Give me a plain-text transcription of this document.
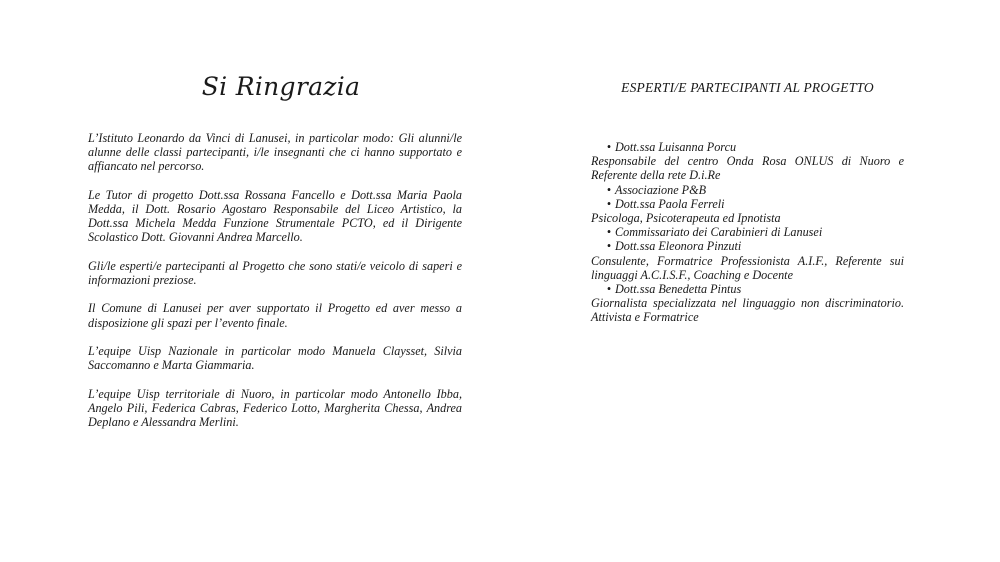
Si Ringrazia

L’Istituto Leonardo da Vinci di Lanusei, in particolar modo: Gli alunni/le alunne delle classi partecipanti, i/le insegnanti che ci hanno supportato e affiancato nel percorso.

Le Tutor di progetto Dott.ssa Rossana Fancello e Dott.ssa Maria Paola Medda, il Dott. Rosario Agostaro Responsabile del Liceo Artistico, la Dott.ssa Michela Medda Funzione Strumentale PCTO, ed il Dirigente Scolastico Dott. Giovanni Andrea Marcello.

Gli/le esperti/e partecipanti al Progetto che sono stati/e veicolo di saperi e informazioni preziose.

Il Comune di Lanusei per aver supportato il Progetto ed aver messo a disposizione gli spazi per l’evento finale.

L’equipe Uisp Nazionale in particolar modo Manuela Claysset, Silvia Saccomanno e Marta Giammaria.

L’equipe Uisp territoriale di Nuoro, in particolar modo Antonello Ibba, Angelo Pili, Federica Cabras, Federico Lotto, Margherita Chessa, Andrea Deplano e Alessandra Merlini.

ESPERTI/E PARTECIPANTI AL PROGETTO
• Dott.ssa Luisanna Porcu
Responsabile del centro Onda Rosa ONLUS di Nuoro e Referente della rete D.i.Re
• Associazione P&B
• Dott.ssa Paola Ferreli
Psicologa, Psicoterapeuta ed Ipnotista
• Commissariato dei Carabinieri di Lanusei
• Dott.ssa Eleonora Pinzuti
Consulente, Formatrice Professionista A.I.F., Referente sui linguaggi A.C.I.S.F., Coaching e Docente
• Dott.ssa Benedetta Pintus
Giornalista specializzata nel linguaggio non discriminatorio. Attivista e Formatrice
